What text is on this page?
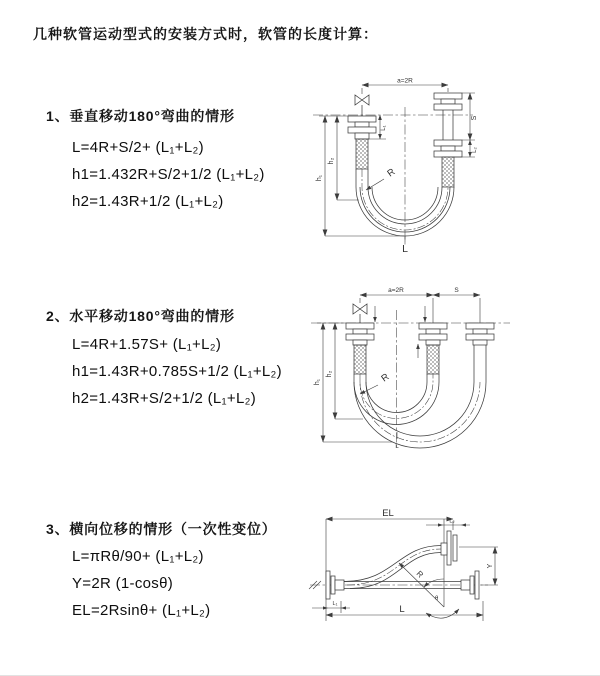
几种软管运动型式的安装方式时，软管的长度计算：
1、垂直移动180°弯曲的情形
L=4R+S/2+ (L₁+L₂)
h1=1.432R+S/2+1/2 (L₁+L₂)
h2=1.43R+1/2 (L₁+L₂)
2、水平移动180°弯曲的情形
L=4R+1.57S+ (L₁+L₂)
h1=1.43R+0.785S+1/2 (L₁+L₂)
h2=1.43R+S/2+1/2 (L₁+L₂)
3、横向位移的情形（一次性变位）
L=πRθ/90+ (L₁+L₂)
Y=2R (1-cosθ)
EL=2Rsinθ+ (L₁+L₂)
a=2R
h₁
h₂
L₁
S
L₂
R
L
a=2R	S
h₁
h₂	R
L
EL
L₂
Y
R
θ
L
L₁
